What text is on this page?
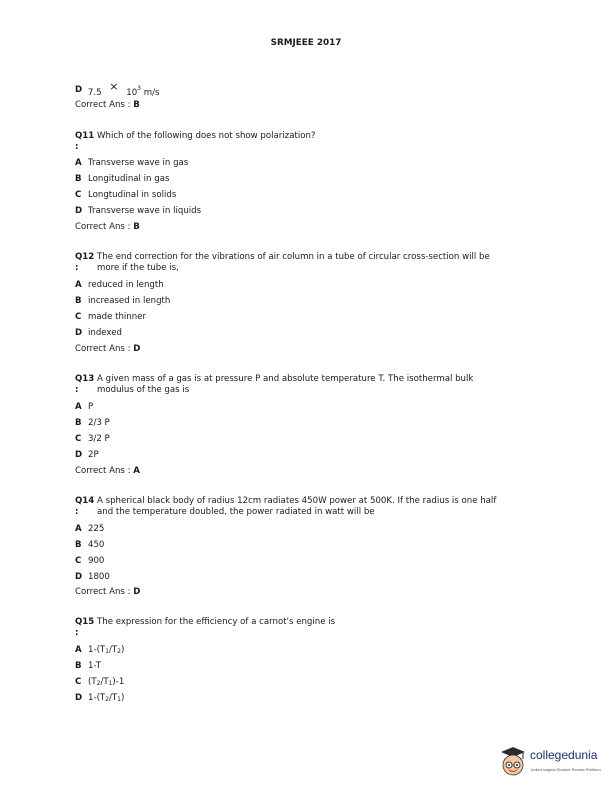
SRMJEEE 2017
D $7.5 \times 10^3$ m/s
Correct Ans : B
Q11 Which of the following does not show polarization?
:
A Transverse wave in gas
B Longitudinal in gas
C Longtudinal in solids
D Transverse wave in liquids
Correct Ans : B
Q12 The end correction for the vibrations of air column in a tube of circular cross-section will be
: more if the tube is,
A reduced in length
B increased in length
C made thinner
D indexed
Correct Ans : D
Q13 A given mass of a gas is at pressure P and absolute temperature T. The isothermal bulk
: modulus of the gas is
A P
B 2/3 P
C 3/2 P
D 2P
Correct Ans : A
Q14 A spherical black body of radius 12cm radiates 450W power at 500K. If the radius is one half
: and the temperature doubled, the power radiated in watt will be
A 225
B 450
C 900
D 1800
Correct Ans : D
Q15 The expression for the efficiency of a carnot's engine is
:
A 1-(T1/T2)
B 1-T
C (T2/T1)-1
D 1-(T2/T1)
collegedunia
India's largest Student Review Platform
